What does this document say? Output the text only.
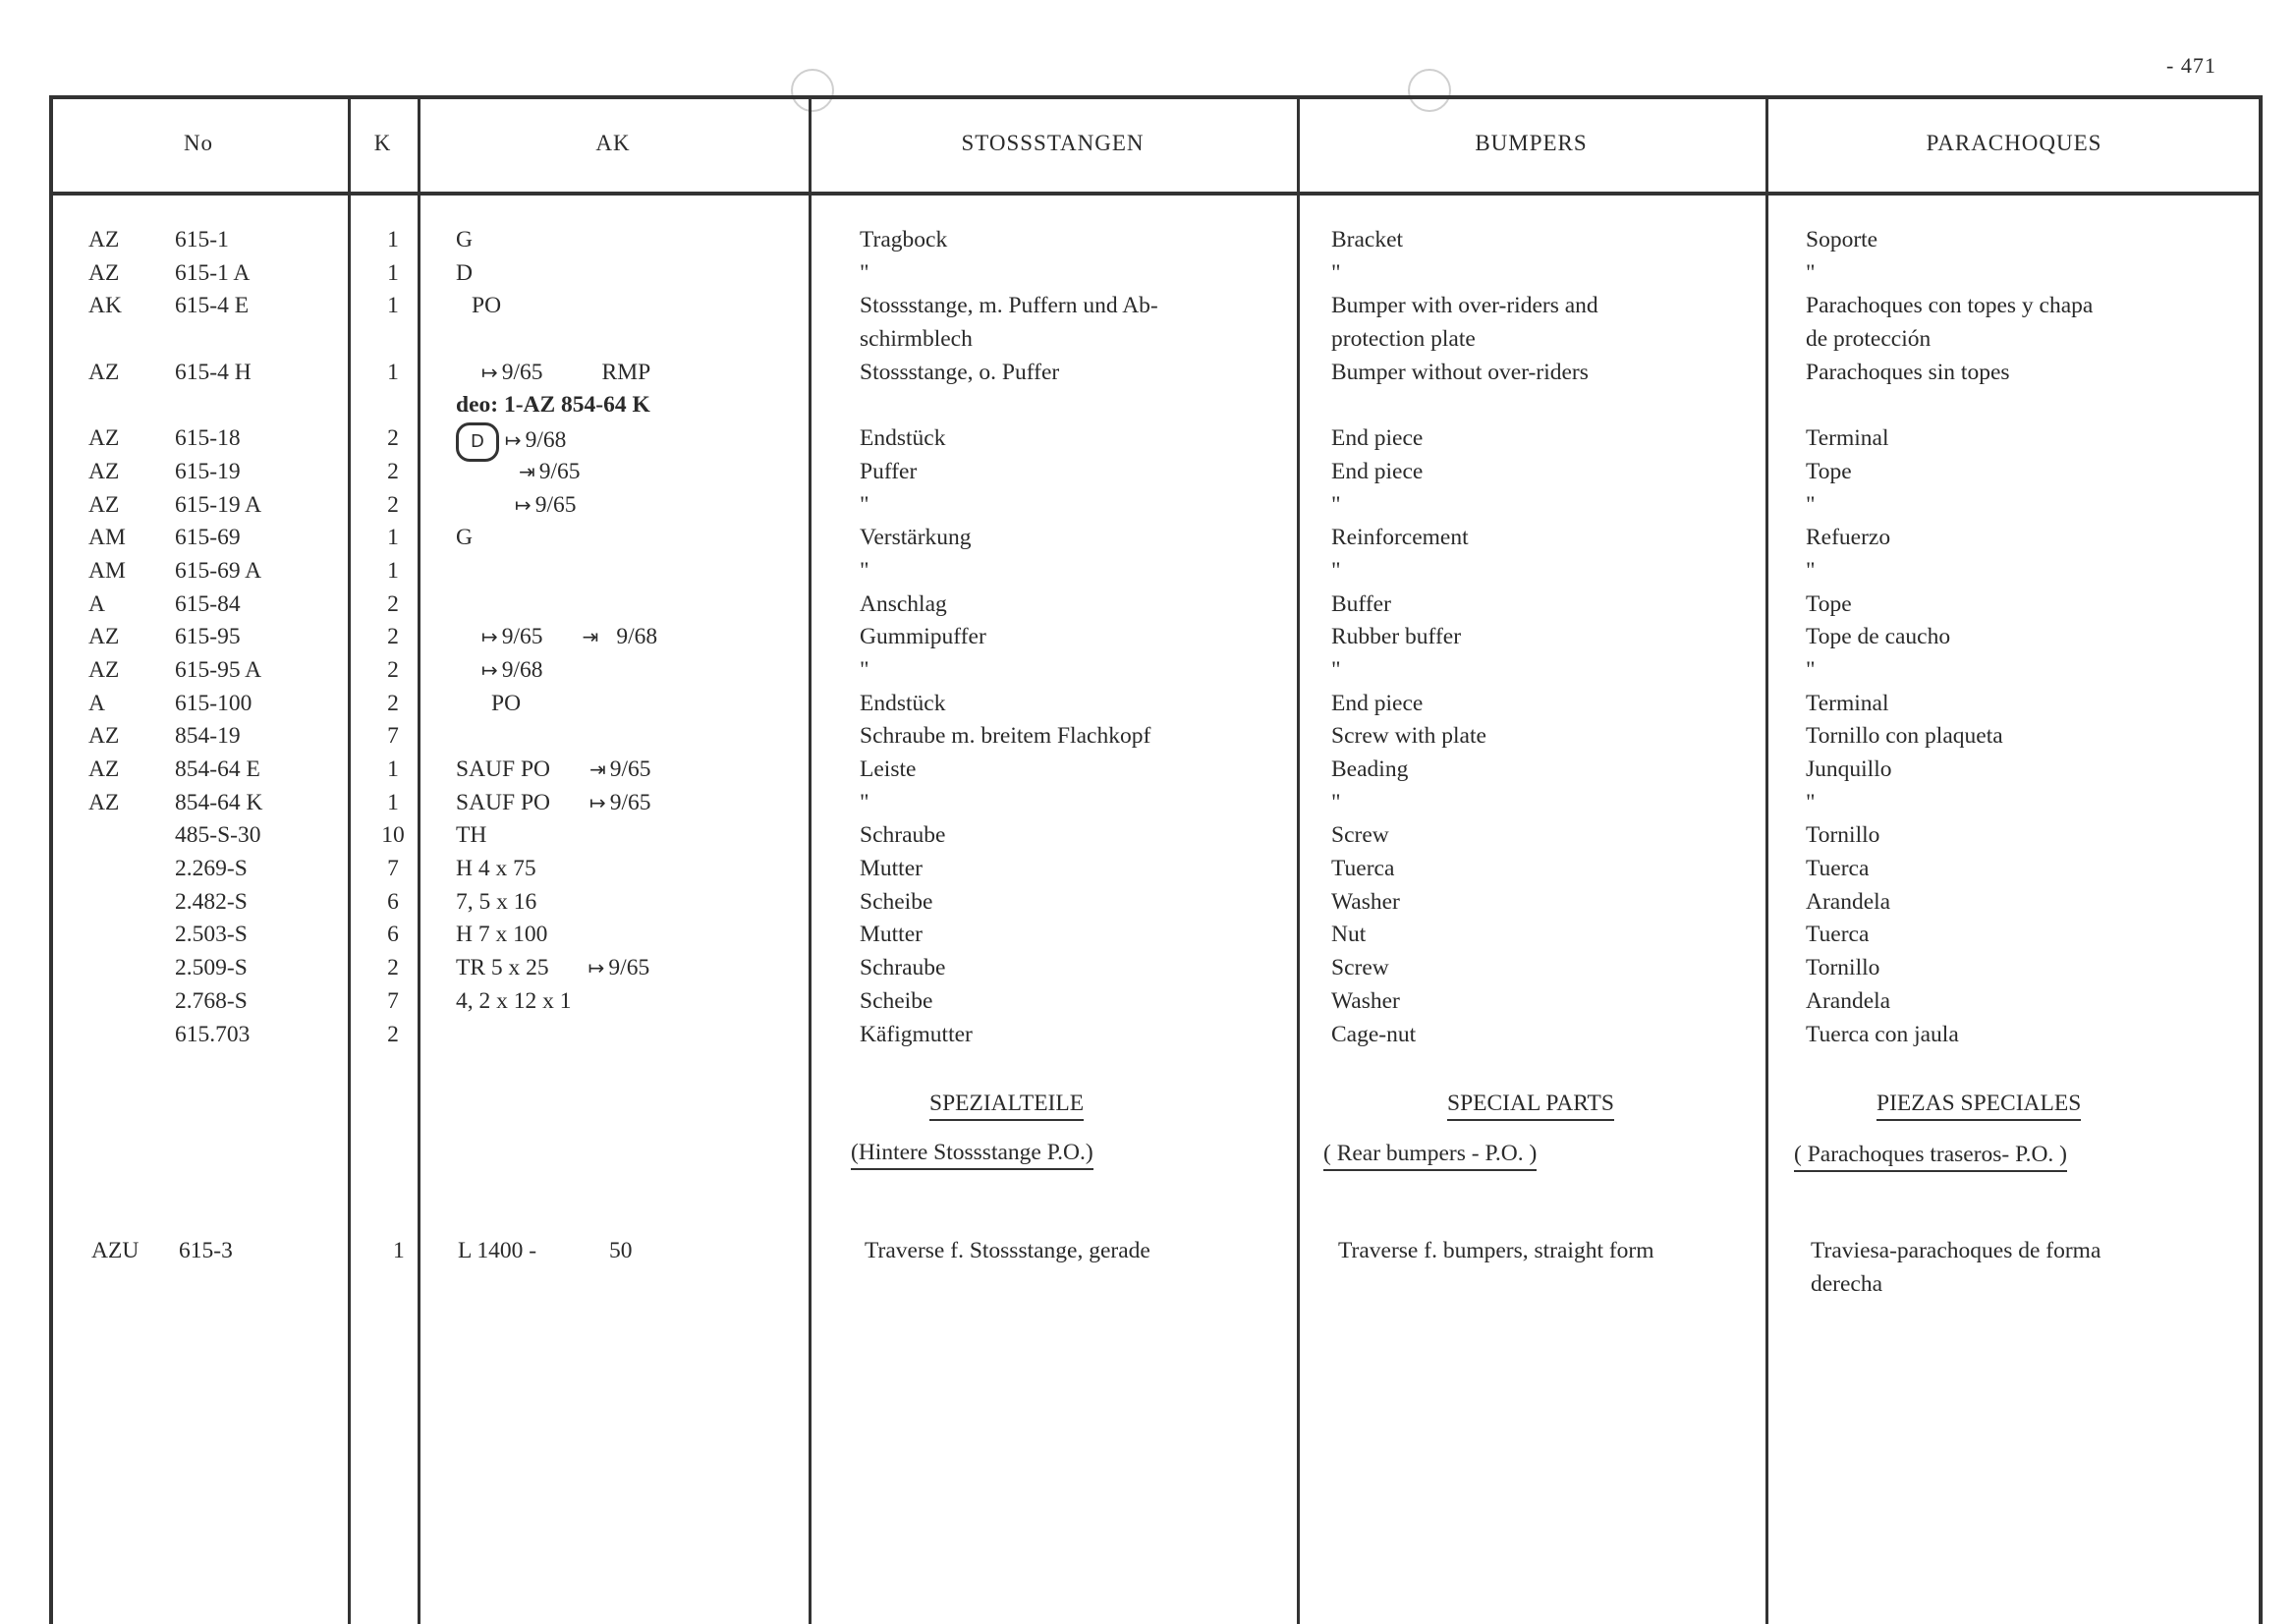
- 471
No	K	AK	STOSSSTANGEN	BUMPERS	PARACHOQUES
AZ 615-1	1	G	Tragbock	Bracket	Soporte
AZ 615-1 A	1	D	"	"	"
AK 615-4 E	1	PO	Stossstange, m. Puffern und Ab-	Bumper with over-riders and	Parachoques con topes y chapa
schirmblech	protection plate	de protección
AZ 615-4 H	1	↦ 9/65	RMP	Stossstange, o. Puffer	Bumper without over-riders	Parachoques sin topes
deo: 1-AZ 854-64 K
AZ 615-18	2	D ↦ 9/68	Endstück	End piece	Terminal
AZ 615-19	2	⇥ 9/65	Puffer	End piece	Tope
AZ 615-19 A	2	↦ 9/65	"	"	"
AM 615-69	1	G	Verstärkung	Reinforcement	Refuerzo
AM 615-69 A	1	"	"	"
A	615-84	2	Anschlag	Buffer	Tope
AZ 615-95	2	↦ 9/65 ⇥ 9/68	Gummipuffer	Rubber buffer	Tope de caucho
AZ 615-95 A	2	↦ 9/68	"	"	"
A	615-100	2	PO	Endstück	End piece	Terminal
AZ 854-19	7	Schraube m. breitem Flachkopf	Screw with plate	Tornillo con plaqueta
AZ 854-64 E	1	SAUF PO ⇥ 9/65	Leiste	Beading	Junquillo
AZ 854-64 K	1	SAUF PO ↦ 9/65	"	"	"
485-S-30	10	TH	Schraube	Screw	Tornillo
2.269-S	7	H 4 x 75	Mutter	Tuerca	Tuerca
2.482-S	6	7, 5 x 16	Scheibe	Washer	Arandela
2.503-S	6	H 7 x 100	Mutter	Nut	Tuerca
2.509-S	2	TR 5 x 25 ↦ 9/65	Schraube	Screw	Tornillo
2.768-S	7	4, 2 x 12 x 1	Scheibe	Washer	Arandela
615.703	2	Käfigmutter	Cage-nut	Tuerca con jaula
SPEZIALTEILE	SPECIAL PARTS	PIEZAS SPECIALES
(Hintere Stossstange P.O.)	( Rear bumpers - P.O. )	( Parachoques traseros- P.O. )
AZU 615-3	1 L 1400 -	50	Traverse f. Stossstange, gerade	Traverse f. bumpers, straight form	Traviesa-parachoques de forma
derecha
